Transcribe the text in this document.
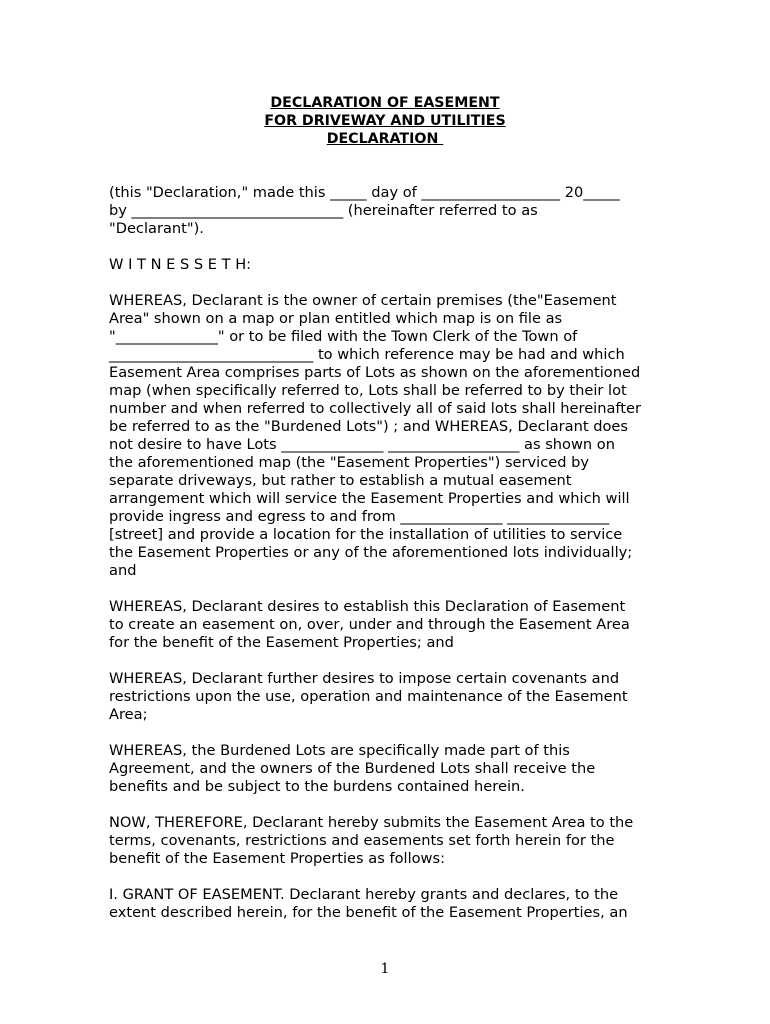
DECLARATION OF EASEMENT
FOR DRIVEWAY AND UTILITIES
DECLARATION

(this "Declaration," made this _____ day of ___________________ 20_____
by _____________________________ (hereinafter referred to as
"Declarant").

W I T N E S S E T H:

WHEREAS, Declarant is the owner of certain premises (the"Easement
Area" shown on a map or plan entitled which map is on file as
"______________" or to be filed with the Town Clerk of the Town of
____________________________ to which reference may be had and which
Easement Area comprises parts of Lots as shown on the aforementioned
map (when specifically referred to, Lots shall be referred to by their lot
number and when referred to collectively all of said lots shall hereinafter
be referred to as the "Burdened Lots") ; and WHEREAS, Declarant does
not desire to have Lots ______________ __________________ as shown on
the aforementioned map (the "Easement Properties") serviced by
separate driveways, but rather to establish a mutual easement
arrangement which will service the Easement Properties and which will
provide ingress and egress to and from ______________ ______________
[street] and provide a location for the installation of utilities to service
the Easement Properties or any of the aforementioned lots individually;
and

WHEREAS, Declarant desires to establish this Declaration of Easement
to create an easement on, over, under and through the Easement Area
for the benefit of the Easement Properties; and

WHEREAS, Declarant further desires to impose certain covenants and
restrictions upon the use, operation and maintenance of the Easement
Area;

WHEREAS, the Burdened Lots are specifically made part of this
Agreement, and the owners of the Burdened Lots shall receive the
benefits and be subject to the burdens contained herein.

NOW, THEREFORE, Declarant hereby submits the Easement Area to the
terms, covenants, restrictions and easements set forth herein for the
benefit of the Easement Properties as follows:

I. GRANT OF EASEMENT. Declarant hereby grants and declares, to the
extent described herein, for the benefit of the Easement Properties, an

1
